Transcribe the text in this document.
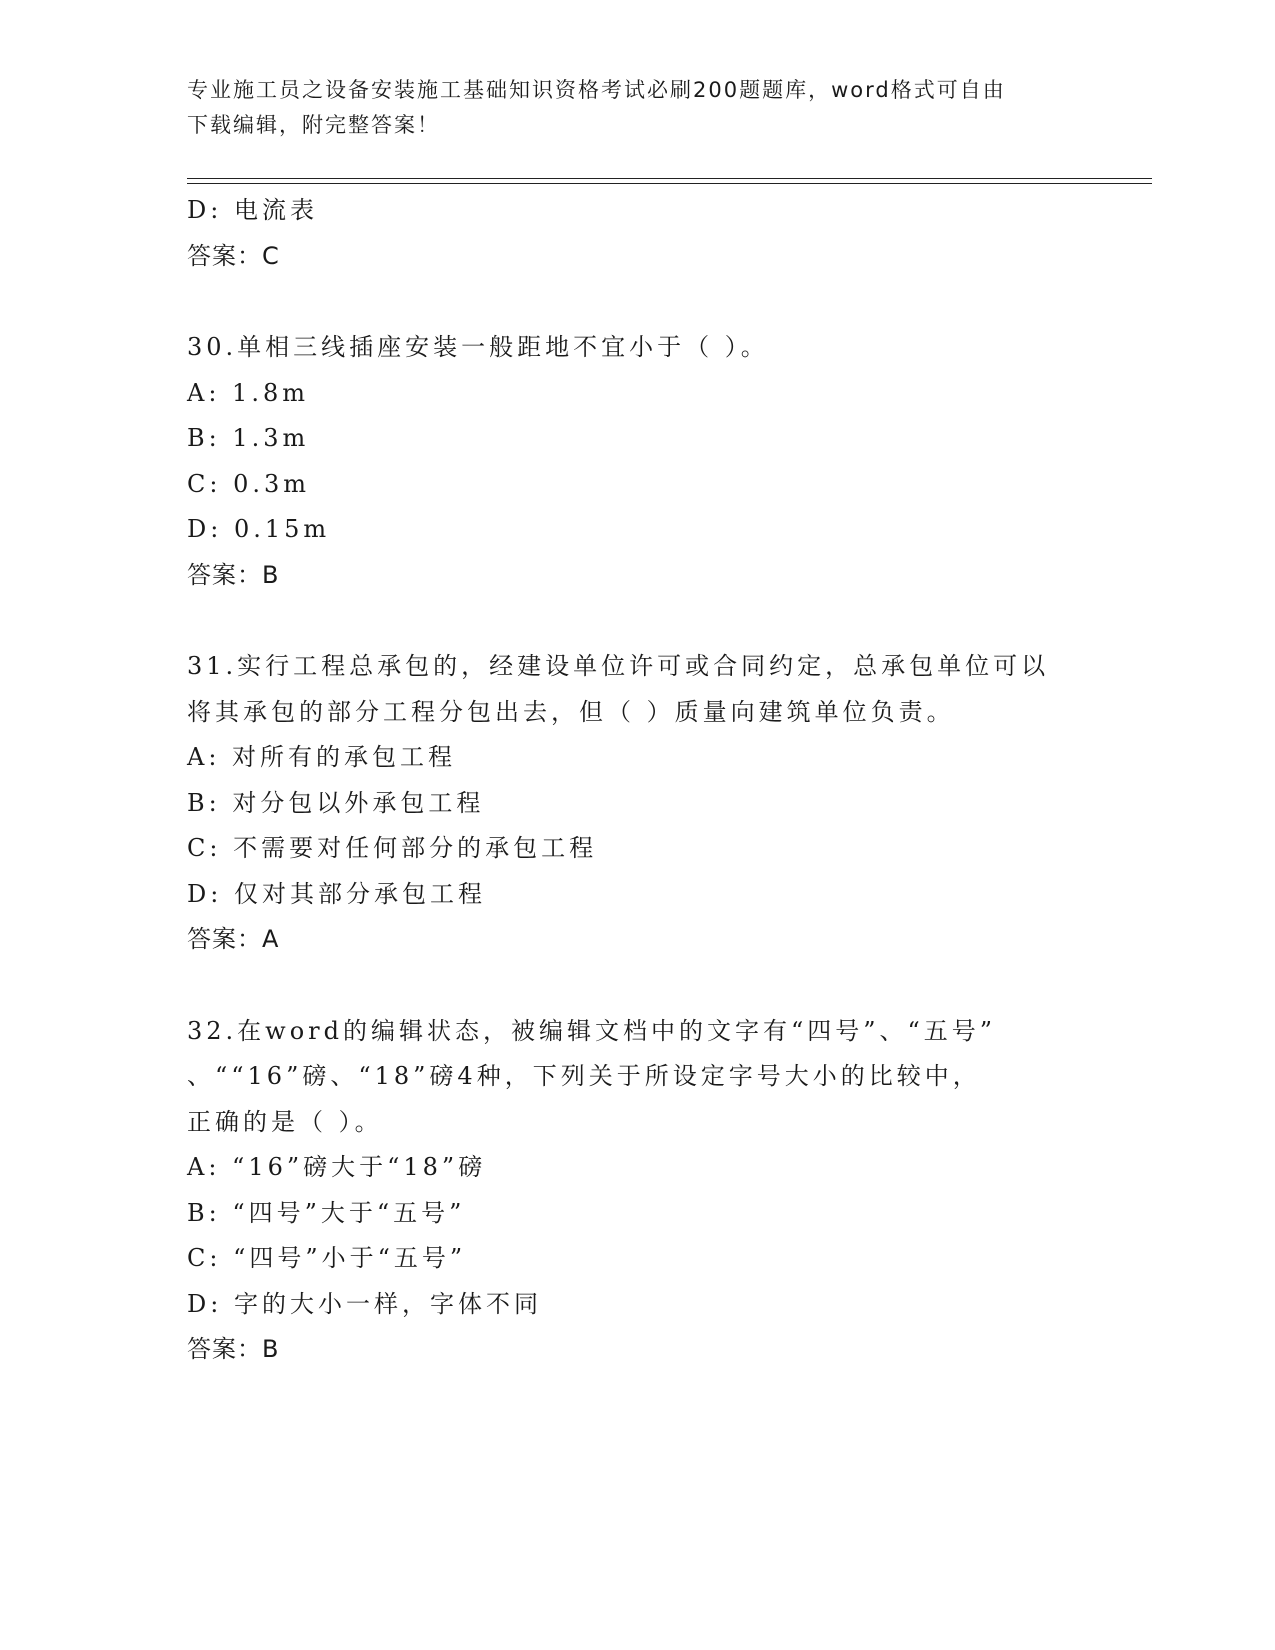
专业施工员之设备安装施工基础知识资格考试必刷200题题库，word格式可自由
下载编辑，附完整答案！
D: 电流表
答案：C
30.单相三线插座安装一般距地不宜小于（ ）。
A: 1.8m
B: 1.3m
C: 0.3m
D: 0.15m
答案：B
31.实行工程总承包的，经建设单位许可或合同约定，总承包单位可以
将其承包的部分工程分包出去，但（ ）质量向建筑单位负责。
A: 对所有的承包工程
B: 对分包以外承包工程
C: 不需要对任何部分的承包工程
D: 仅对其部分承包工程
答案：A
32.在word的编辑状态，被编辑文档中的文字有“四号”、“五号”
、““16”磅、“18”磅4种，下列关于所设定字号大小的比较中，
正确的是（ ）。
A: “16”磅大于“18”磅
B: “四号”大于“五号”
C: “四号”小于“五号”
D: 字的大小一样，字体不同
答案：B
